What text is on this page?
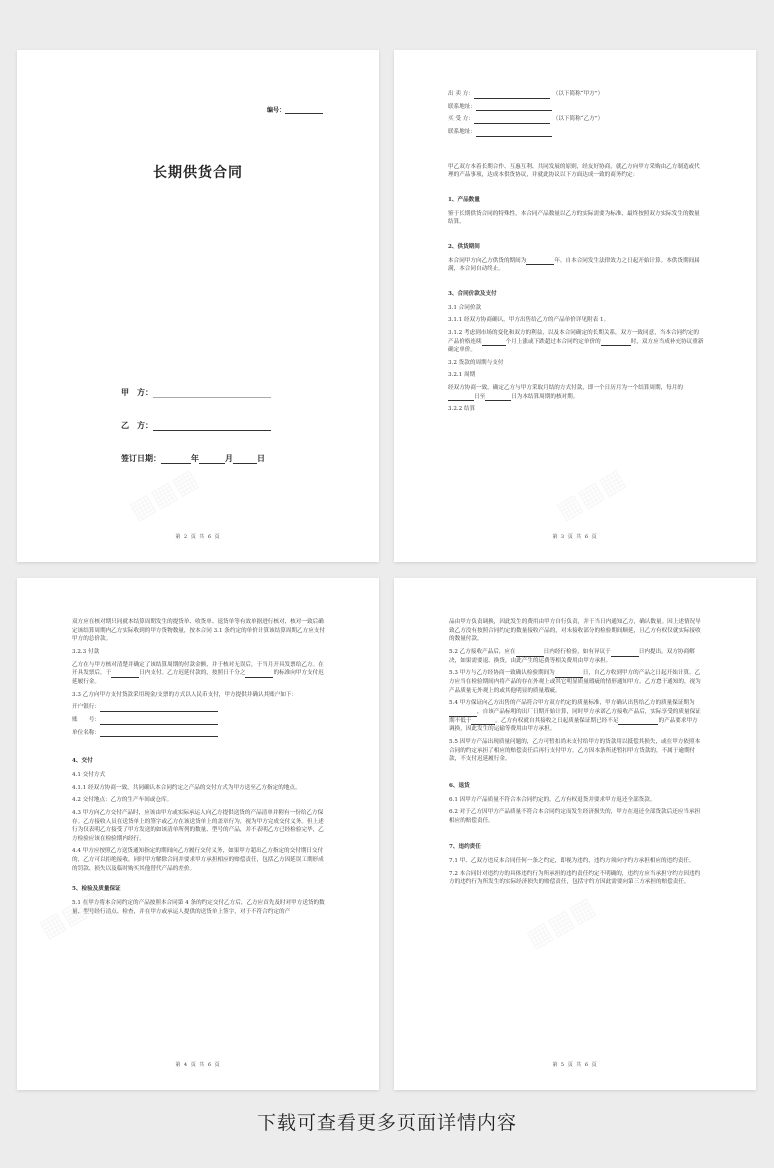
编号：
长期供货合同
甲　方：
乙　方：
签订日期：	年	月	日
第 2 页 共 6 页

出 卖 方：　	（以下简称“甲方”）

联系地址：

买 受 方：　	（以下简称“乙方”）

联系地址：

甲乙双方本着长期合作、互惠互利、共同发展的原则，经友好协商，就乙方向甲方采购由乙方制造或代理的产品事项，达成本供货协议，并就此协议以下方面达成一致的商务约定：

1、产品数量

鉴于长期供货合同的特殊性，本合同产品数量以乙方的实际需要为标准，最终按照双方实际发生的数量结算。

2、供货期间

本合同甲方向乙方供货的期间为	年。自本合同发生法律效力之日起开始计算。本供货期间届满，本合同自动终止。

3、合同价款及支付

3.1 合同价款

3.1.1 经双方协商确认，甲方出售给乙方的产品单价详见附表 1。

3.1.2 考虑到市场的变化和双方的利益，以及本合同确定的长期关系，双方一致同意，当本合同约定的产品价格连续	个月上涨或下跌超过本合同约定单价的	时，双方应当成补充协议重新确定单价。

3.2 货款的周期与支付

3.2.1 周期

经双方协商一致，确定乙方与甲方采取月结的方式付款，即一个日历月为一个结算周期，每月的日至	日为本结算周期的核对期。

3.2.2 结算

第 3 页 共 6 页

双方应在核对期只同就本结算周期发生的提货单、收货单、退货单等有效单据进行核对，核对一致后确定该结算周期内乙方实际收到的甲方货物数量，按本合同 3.1 条约定的单价计算该结算周期乙方应支付甲方的总价款。

3.2.3 付款

乙方在与甲方核对清楚并确定了该结算周期的付款金额，并于核对无误后，于当月开具发票给乙方。在开具发票后，于	日内支付。乙方迟延付款的，按照日千分之	的标准向甲方支付迟延履行金。

3.3 乙方向甲方支付货款采用现金/支票的方式以人民币支付，甲方提供并确认其账户如下：

开户银行：

账　　号：

单位名称：

4、交付

4.1 交付方式

4.1.1 经双方协商一致，共同确认本合同约定之产品的交付方式为甲方送至乙方指定的地点。

4.2 交付地点：乙方的生产车间或仓库。

4.3 甲方向乙方交付产品时，应该由甲方或实际承运人向乙方提供送货的产品清单并附有一份给乙方保存。乙方接收人员在送货单上的签字或乙方在该送货单上的盖章行为，视为甲方完成交付义务。但上述行为仅表明乙方接受了甲方发送的如该清单所列的数量、型号的产品，并不表明乙方已经检验完毕，乙方检验应该在检验期内经行。

4.4 甲方应按照乙方送货通知指定的期间向乙方履行交付义务，如果甲方超出乙方指定的交付期日交付的，乙方可以拒绝接收，同时甲方解除合同并要求甲方承担相应的赔偿责任，包括乙方因延误工期形成的罚款、损失以及临时购买其他替代产品的差价。

5、检验及质量保证

5.1 在甲方将本合同约定的产品按照本合同第 4 条的约定交付乙方后，乙方应首先及时对甲方送货的数量、型号经行清点、检查，并在甲方或承运人提供的送货单上签字，对于不符合约定的产

第 4 页 共 6 页

品由甲方负责调换，因此发生的费用由甲方自行负责，并于当日内通知乙方，确认数量。因上述情况导致乙方没有按照合同约定的数量接收产品的，对未接收部分的检验期间顺延，且乙方有权仅就实际接收的数量付款。

5.2 乙方接收产品后，应在	日内经行检验，如有异议于	日内提出，双方协商解决，如果需要退、换货，由此产生的运费等相关费用由甲方承担。

5.3 甲方与乙方经协商一致确认检验期间为	日，自乙方收到甲方的产品之日起开始计算。乙方应当在检验期间内将产品的存在外观上或其它明显质量瑕疵的情形通知甲方。乙方怠于通知的，视为产品质量无外观上的或其他明显的质量瑕疵。

5.4 甲方保证向乙方出售的产品符合甲方双方约定的质量标准，甲方确认出售给乙方的质量保证期为，自该产品标明的出厂日期开始计算，同时甲方承诺乙方接收产品后，实际享受的质量保证期不低于	。乙方有权就自其接收之日起质量保证期已经不足	的产品要求甲方调换，因此发生的运输等费用由甲方承担。

5.5 因甲方产品出现质量问题的，乙方可暂扣尚未支付给甲方的货款用以抵偿其损失，或在甲方依照本合同的约定承担了相应的赔偿责任后再行支付甲方。乙方因本条所述暂扣甲方货款的，不属于逾期付款，不支付迟延履行金。

6、退货

6.1 因甲方产品质量不符合本合同约定的，乙方有权退货并要求甲方返还全部货款。

6.2 对于乙方因甲方产品质量不符合本合同约定而发生经济损失的，甲方在返还全部货款后还应当承担相应的赔偿责任。

7、违约责任

7.1 甲、乙双方违反本合同任何一条之约定，即视为违约，违约方须向守约方承担相应的违约责任。

7.2 本合同针对违约方的具体违约行为所承担的违约责任约定不明确的，违约方应当承担守约方因违约方的违约行为所发生的实际经济损失的赔偿责任，包括守约方因此需要向第三方承担的赔偿责任。

第 5 页 共 6 页
下载可查看更多页面详情内容
